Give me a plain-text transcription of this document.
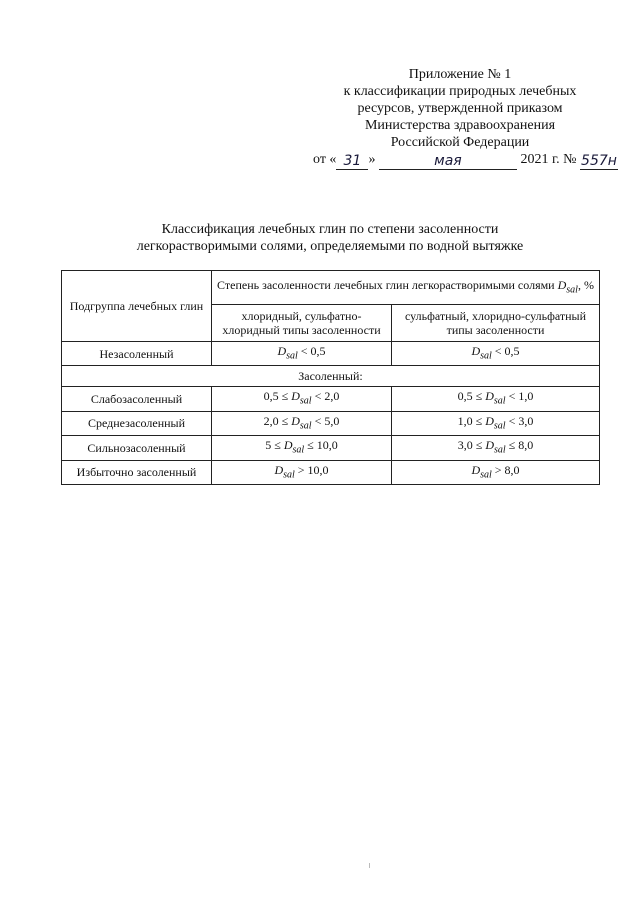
Приложение № 1
к классификации природных лечебных
ресурсов, утвержденной приказом
Министерства здравоохранения
Российской Федерации
от « 31 »	мая	2021 г. № 557н
Классификация лечебных глин по степени засоленности
легкорастворимыми солями, определяемыми по водной вытяжке
Подгруппа лечебных глин	Степень засоленности лечебных глин легкорастворимыми солями $D_{sal}$, %	
	хлоридный, сульфатно-хлоридный типы засоленности	сульфатный, хлоридно-сульфатный типы засоленности
Незасоленный	$D_{sal} < 0,5$	$D_{sal} < 0,5$
Засоленный:		
Слабозасоленный	$0,5 \le D_{sal} < 2,0$	$0,5 \le D_{sal} < 1,0$
Среднезасоленный	$2,0 \le D_{sal} < 5,0$	$1,0 \le D_{sal} < 3,0$
Сильнозасоленный	$5 \le D_{sal} \le 10,0$	$3,0 \le D_{sal} \le 8,0$
Избыточно засоленный	$D_{sal} > 10,0$	$D_{sal} > 8,0$
